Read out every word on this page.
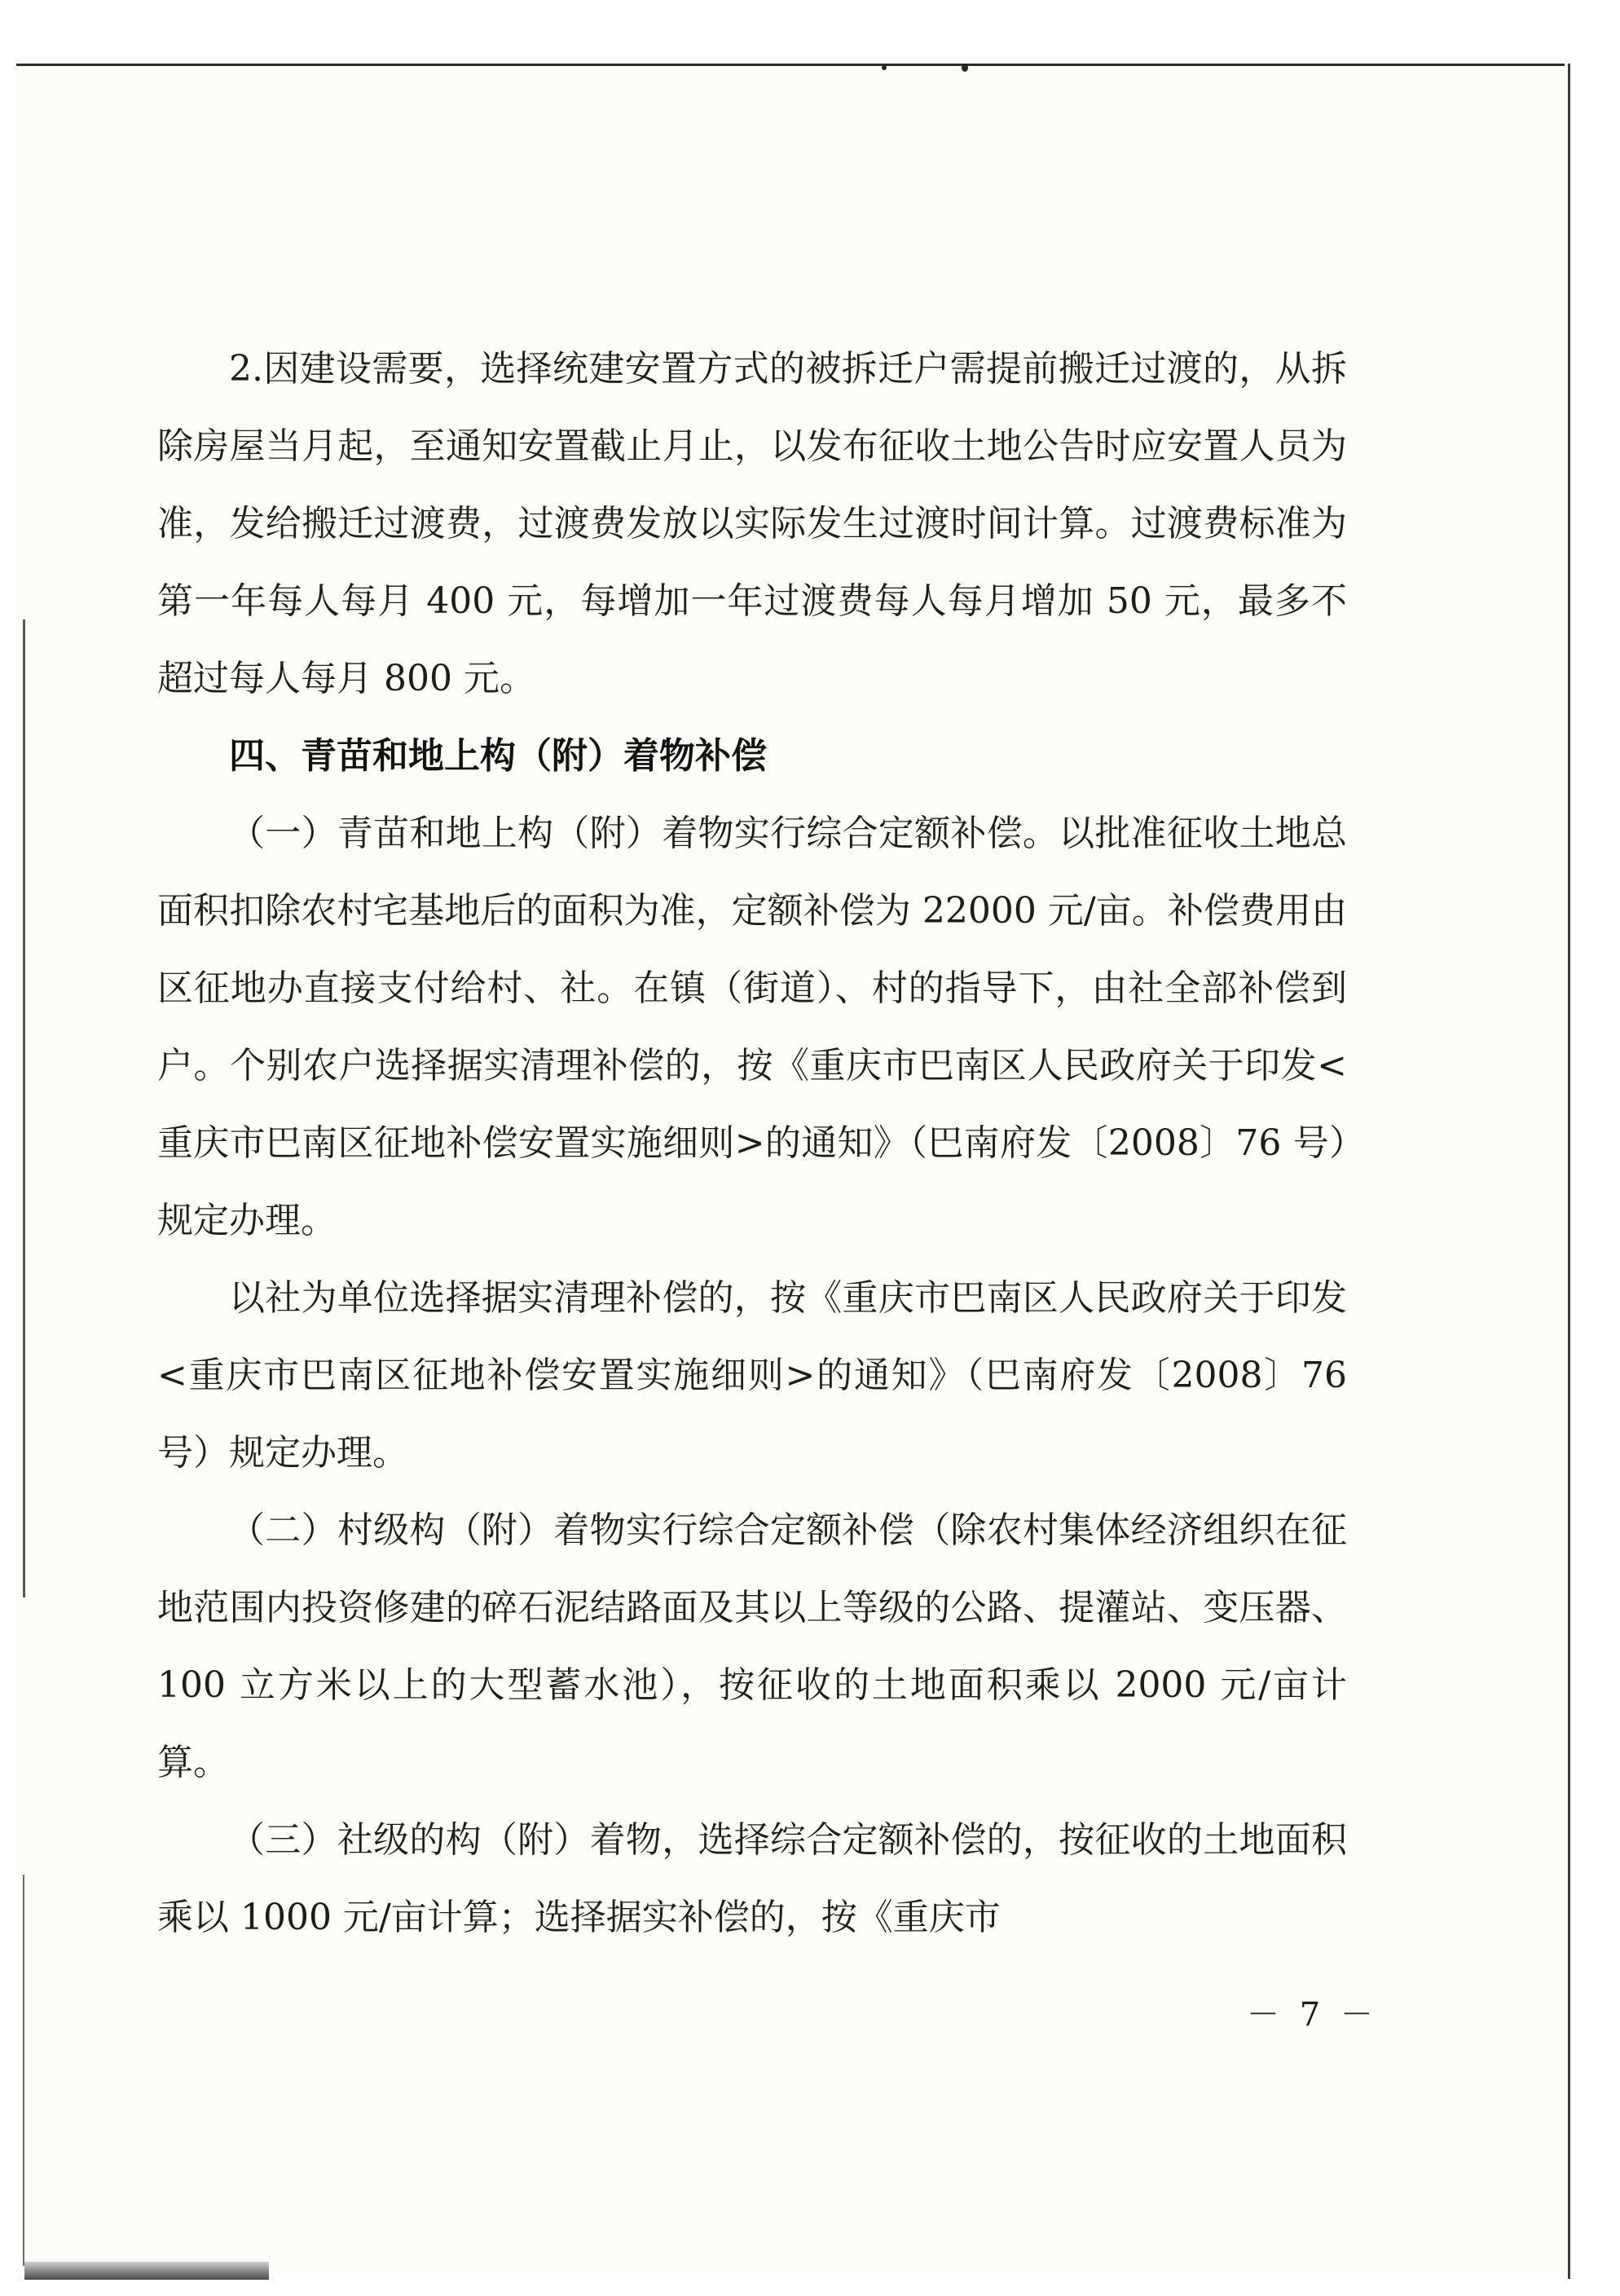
2.因建设需要，选择统建安置方式的被拆迁户需提前搬迁过渡的，从拆除房屋当月起，至通知安置截止月止，以发布征收土地公告时应安置人员为准，发给搬迁过渡费，过渡费发放以实际发生过渡时间计算。过渡费标准为第一年每人每月 400 元，每增加一年过渡费每人每月增加 50 元，最多不超过每人每月 800 元。

四、青苗和地上构（附）着物补偿

（一）青苗和地上构（附）着物实行综合定额补偿。以批准征收土地总面积扣除农村宅基地后的面积为准，定额补偿为 22000 元/亩。补偿费用由区征地办直接支付给村、社。在镇（街道）、村的指导下，由社全部补偿到户。个别农户选择据实清理补偿的，按《重庆市巴南区人民政府关于印发<重庆市巴南区征地补偿安置实施细则>的通知》（巴南府发〔2008〕76 号）规定办理。

以社为单位选择据实清理补偿的，按《重庆市巴南区人民政府关于印发<重庆市巴南区征地补偿安置实施细则>的通知》（巴南府发〔2008〕76 号）规定办理。

（二）村级构（附）着物实行综合定额补偿（除农村集体经济组织在征地范围内投资修建的碎石泥结路面及其以上等级的公路、提灌站、变压器、100 立方米以上的大型蓄水池），按征收的土地面积乘以 2000 元/亩计算。

（三）社级的构（附）着物，选择综合定额补偿的，按征收的土地面积乘以 1000 元/亩计算；选择据实补偿的，按《重庆市

－ 7 －
